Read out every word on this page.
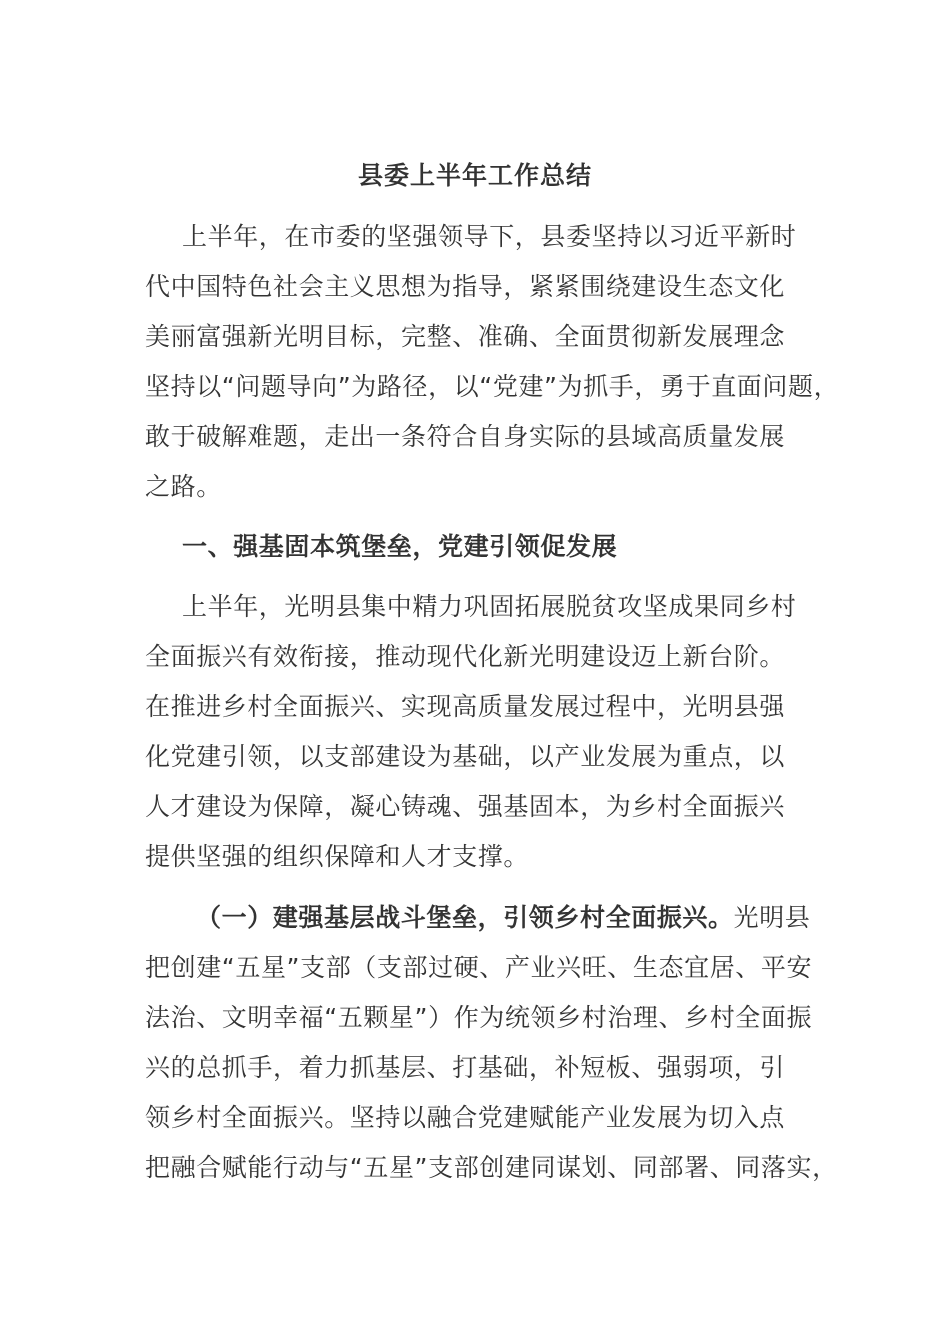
县委上半年工作总结
上半年，在市委的坚强领导下，县委坚持以习近平新时
代中国特色社会主义思想为指导，紧紧围绕建设生态文化
美丽富强新光明目标，完整、准确、全面贯彻新发展理念
坚持以“问题导向”为路径，以“党建”为抓手，勇于直面问题，
敢于破解难题，走出一条符合自身实际的县域高质量发展
之路。
一、强基固本筑堡垒，党建引领促发展
上半年，光明县集中精力巩固拓展脱贫攻坚成果同乡村
全面振兴有效衔接，推动现代化新光明建设迈上新台阶。
在推进乡村全面振兴、实现高质量发展过程中，光明县强
化党建引领，以支部建设为基础，以产业发展为重点，以
人才建设为保障，凝心铸魂、强基固本，为乡村全面振兴
提供坚强的组织保障和人才支撑。
（一）建强基层战斗堡垒，引领乡村全面振兴。光明县
把创建“五星”支部（支部过硬、产业兴旺、生态宜居、平安
法治、文明幸福“五颗星”）作为统领乡村治理、乡村全面振
兴的总抓手，着力抓基层、打基础，补短板、强弱项，引
领乡村全面振兴。坚持以融合党建赋能产业发展为切入点
把融合赋能行动与“五星”支部创建同谋划、同部署、同落实，
